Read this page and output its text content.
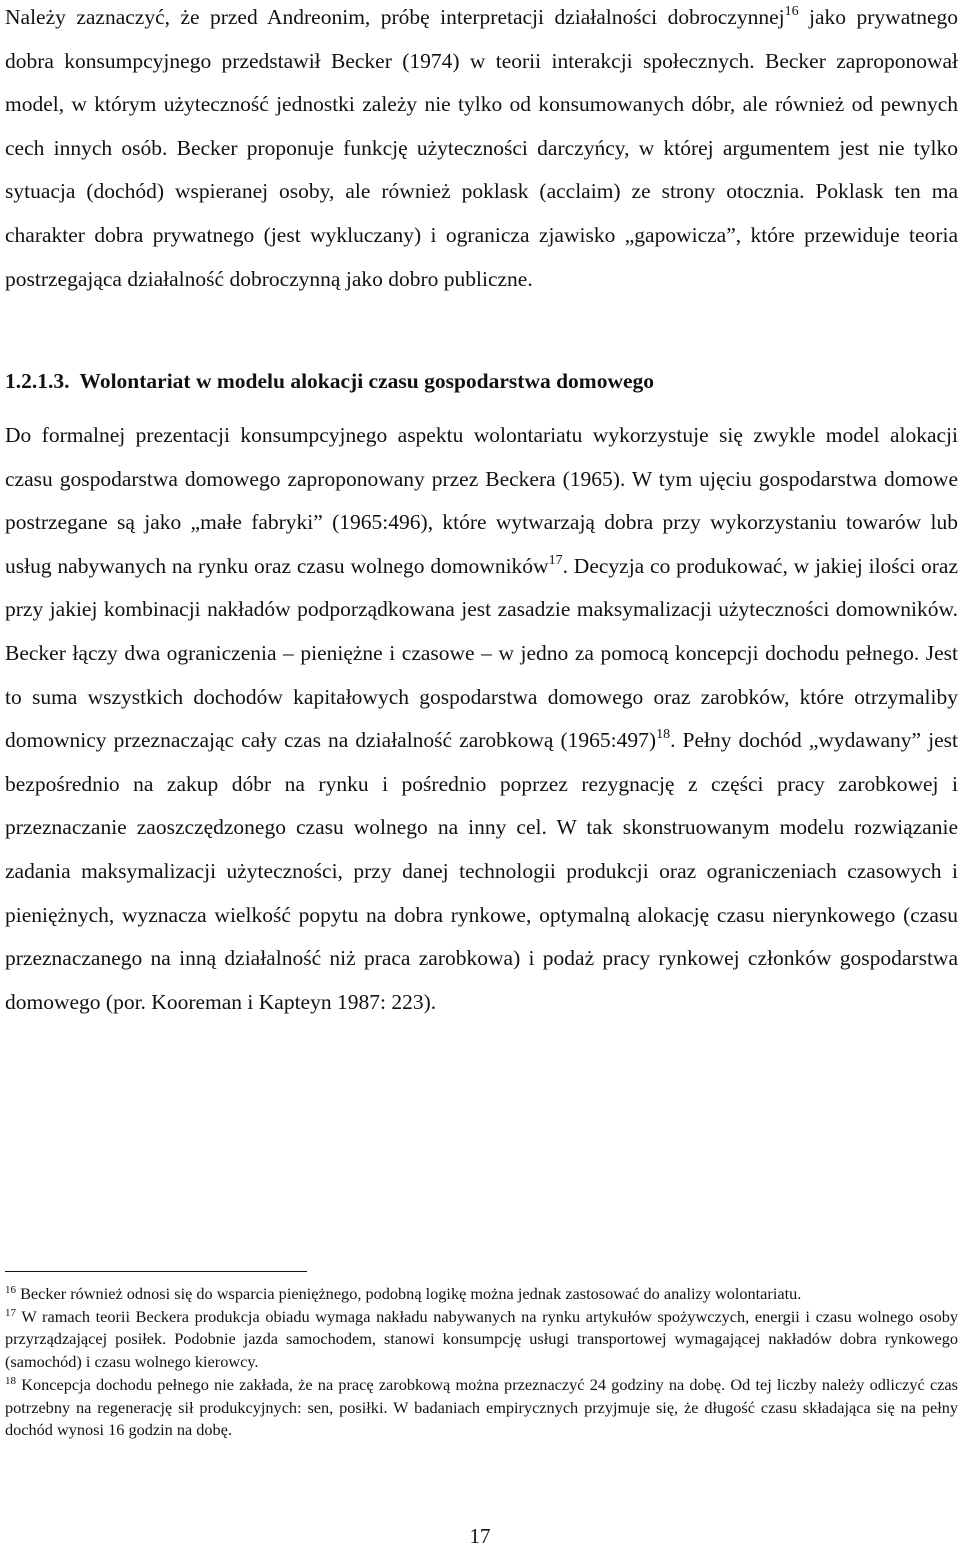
Należy zaznaczyć, że przed Andreonim, próbę interpretacji działalności dobroczynnej$^{16}$ jako prywatnego dobra konsumpcyjnego przedstawił Becker (1974) w teorii interakcji społecznych. Becker zaproponował model, w którym użyteczność jednostki zależy nie tylko od konsumowanych dóbr, ale również od pewnych cech innych osób. Becker proponuje funkcję użyteczności darczyńcy, w której argumentem jest nie tylko sytuacja (dochód) wspieranej osoby, ale również poklask (acclaim) ze strony otocznia. Poklask ten ma charakter dobra prywatnego (jest wykluczany) i ogranicza zjawisko „gapowicza”, które przewiduje teoria postrzegająca działalność dobroczynną jako dobro publiczne.

1.2.1.3. Wolontariat w modelu alokacji czasu gospodarstwa domowego

Do formalnej prezentacji konsumpcyjnego aspektu wolontariatu wykorzystuje się zwykle model alokacji czasu gospodarstwa domowego zaproponowany przez Beckera (1965). W tym ujęciu gospodarstwa domowe postrzegane są jako „małe fabryki” (1965:496), które wytwarzają dobra przy wykorzystaniu towarów lub usług nabywanych na rynku oraz czasu wolnego domowników$^{17}$. Decyzja co produkować, w jakiej ilości oraz przy jakiej kombinacji nakładów podporządkowana jest zasadzie maksymalizacji użyteczności domowników. Becker łączy dwa ograniczenia – pieniężne i czasowe – w jedno za pomocą koncepcji dochodu pełnego. Jest to suma wszystkich dochodów kapitałowych gospodarstwa domowego oraz zarobków, które otrzymaliby domownicy przeznaczając cały czas na działalność zarobkową (1965:497)$^{18}$. Pełny dochód „wydawany” jest bezpośrednio na zakup dóbr na rynku i pośrednio poprzez rezygnację z części pracy zarobkowej i przeznaczanie zaoszczędzonego czasu wolnego na inny cel. W tak skonstruowanym modelu rozwiązanie zadania maksymalizacji użyteczności, przy danej technologii produkcji oraz ograniczeniach czasowych i pieniężnych, wyznacza wielkość popytu na dobra rynkowe, optymalną alokację czasu nierynkowego (czasu przeznaczanego na inną działalność niż praca zarobkowa) i podaż pracy rynkowej członków gospodarstwa domowego (por. Kooreman i Kapteyn 1987: 223).

$^{16}$ Becker również odnosi się do wsparcia pieniężnego, podobną logikę można jednak zastosować do analizy wolontariatu.

$^{17}$ W ramach teorii Beckera produkcja obiadu wymaga nakładu nabywanych na rynku artykułów spożywczych, energii i czasu wolnego osoby przyrządzającej posiłek. Podobnie jazda samochodem, stanowi konsumpcję usługi transportowej wymagającej nakładów dobra rynkowego (samochód) i czasu wolnego kierowcy.

$^{18}$ Koncepcja dochodu pełnego nie zakłada, że na pracę zarobkową można przeznaczyć 24 godziny na dobę. Od tej liczby należy odliczyć czas potrzebny na regenerację sił produkcyjnych: sen, posiłki. W badaniach empirycznych przyjmuje się, że długość czasu składająca się na pełny dochód wynosi 16 godzin na dobę.

17
